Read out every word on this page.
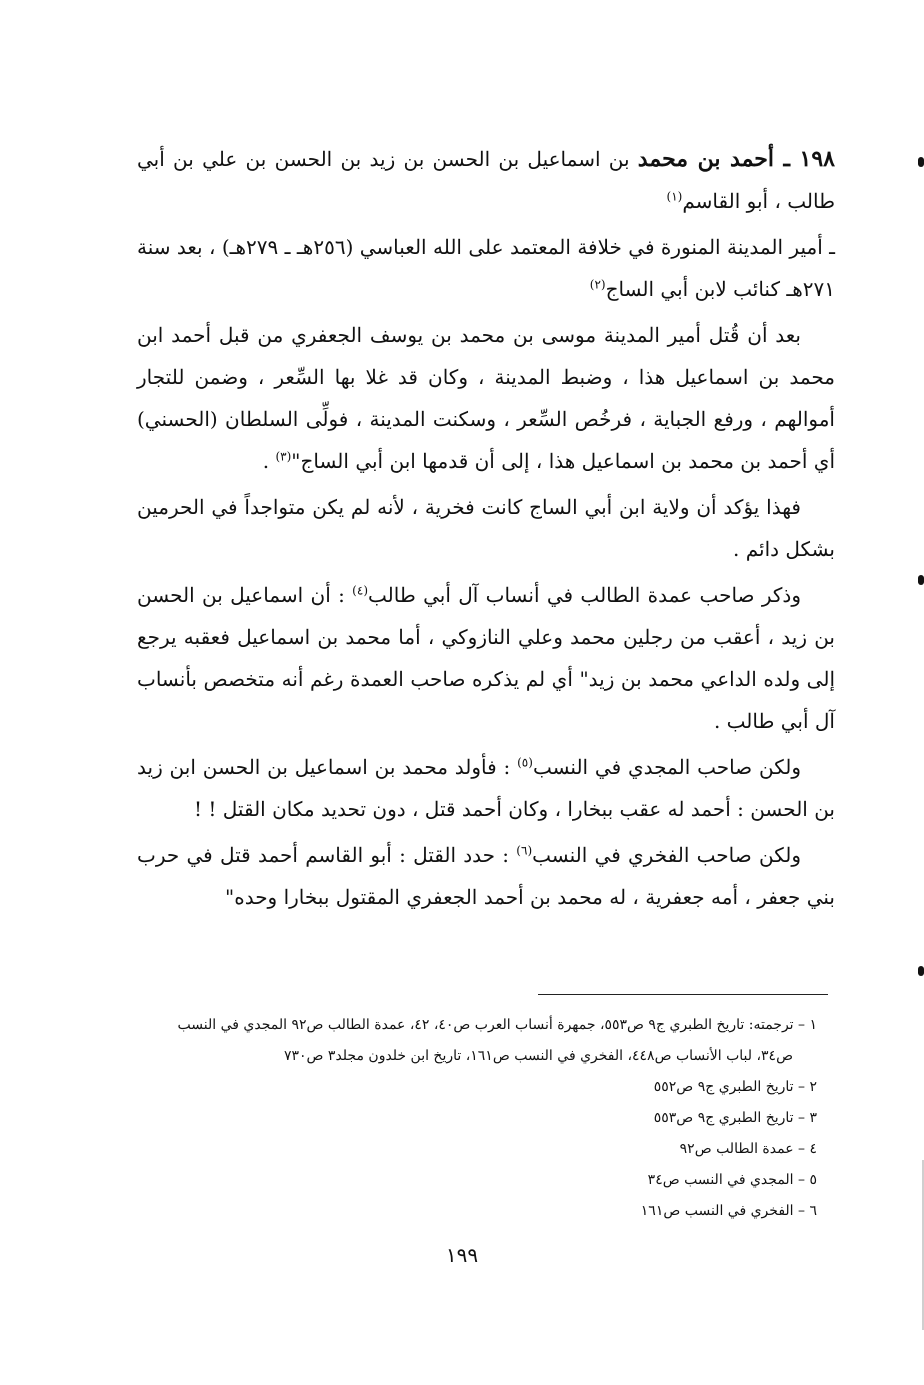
١٩٨ ـ أحمد بن محمد بن اسماعيل بن الحسن بن زيد بن الحسن بن علي بن أبي طالب ، أبو القاسم$^{(١)}$

ـ أمير المدينة المنورة في خلافة المعتمد على الله العباسي (٢٥٦هـ ـ ٢٧٩هـ) ، بعد سنة ٢٧١هـ كنائب لابن أبي الساج$^{(٢)}$

بعد أن قُتل أمير المدينة موسى بن محمد بن يوسف الجعفري من قبل أحمد ابن محمد بن اسماعيل هذا ، وضبط المدينة ، وكان قد غلا بها السِّعر ، وضمن للتجار أموالهم ، ورفع الجباية ، فرخُص السِّعر ، وسكنت المدينة ، فولِّى السلطان (الحسني) أي أحمد بن محمد بن اسماعيل هذا ، إلى أن قدمها ابن أبي الساج"$^{(٣)}$ .

فهذا يؤكد أن ولاية ابن أبي الساج كانت فخرية ، لأنه لم يكن متواجداً في الحرمين بشكل دائم .

وذكر صاحب عمدة الطالب في أنساب آل أبي طالب$^{(٤)}$ : أن اسماعيل بن الحسن بن زيد ، أعقب من رجلين محمد وعلي النازوكي ، أما محمد بن اسماعيل فعقبه يرجع إلى ولده الداعي محمد بن زيد" أي لم يذكره صاحب العمدة رغم أنه متخصص بأنساب آل أبي طالب .

ولكن صاحب المجدي في النسب$^{(٥)}$ : فأولد محمد بن اسماعيل بن الحسن ابن زيد بن الحسن : أحمد له عقب ببخارا ، وكان أحمد قتل ، دون تحديد مكان القتل ! !

ولكن صاحب الفخري في النسب$^{(٦)}$ : حدد القتل : أبو القاسم أحمد قتل في حرب بني جعفر ، أمه جعفرية ، له محمد بن أحمد الجعفري المقتول ببخارا وحده"

١ – ترجمته: تاريخ الطبري ج٩ ص٥٥٣، جمهرة أنساب العرب ص٤٠، ٤٢، عمدة الطالب ص٩٢ المجدي في النسب
ص٣٤، لباب الأنساب ص٤٤٨، الفخري في النسب ص١٦١، تاريخ ابن خلدون مجلد٣ ص٧٣٠
٢ – تاريخ الطبري ج٩ ص٥٥٢
٣ – تاريخ الطبري ج٩ ص٥٥٣
٤ – عمدة الطالب ص٩٢
٥ – المجدي في النسب ص٣٤
٦ – الفخري في النسب ص١٦١
١٩٩
